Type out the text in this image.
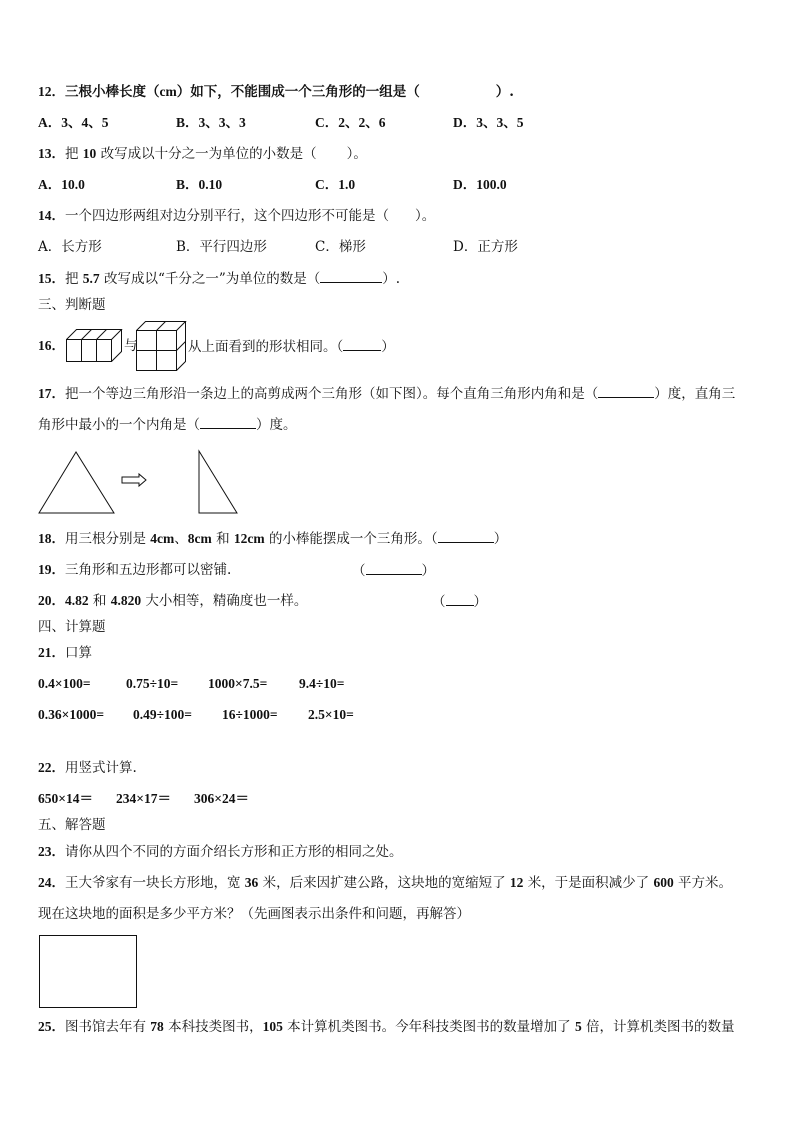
12．三根小棒长度（cm）如下，不能围成一个三角形的一组是（	）.
A．3、4、5	B．3、3、3	C．2、2、6	D．3、3、5
13．把 10 改写成以十分之一为单位的小数是（ ）。
A．10.0	B．0.10	C．1.0	D．100.0
14．一个四边形两组对边分别平行，这个四边形不可能是（ ）。
A．长方形	B．平行四边形	C．梯形	D．正方形
15．把 5.7 改写成以“千分之一”为单位的数是（	）.
三、判断题
16．	与	从上面看到的形状相同。（	）
17．把一个等边三角形沿一条边上的高剪成两个三角形（如下图）。每个直角三角形内角和是（	）度，直角三
角形中最小的一个内角是（	）度。
18．用三根分别是 4cm、8cm 和 12cm 的小棒能摆成一个三角形。（	）
19．三角形和五边形都可以密铺.	（	）
20．4.82 和 4.820 大小相等，精确度也一样。	（ ）
四、计算题
21．口算
0.4×100=	0.75÷10= 1000×7.5= 9.4÷10=
0.36×1000= 0.49÷100= 16÷1000= 2.5×10=
22．用竖式计算.
650×14＝ 234×17＝ 306×24＝
五、解答题
23．请你从四个不同的方面介绍长方形和正方形的相同之处。
24．王大爷家有一块长方形地，宽 36 米，后来因扩建公路，这块地的宽缩短了 12 米，于是面积减少了 600 平方米。
现在这块地的面积是多少平方米？（先画图表示出条件和问题，再解答）
25．图书馆去年有 78 本科技类图书，105 本计算机类图书。今年科技类图书的数量增加了 5 倍，计算机类图书的数量
